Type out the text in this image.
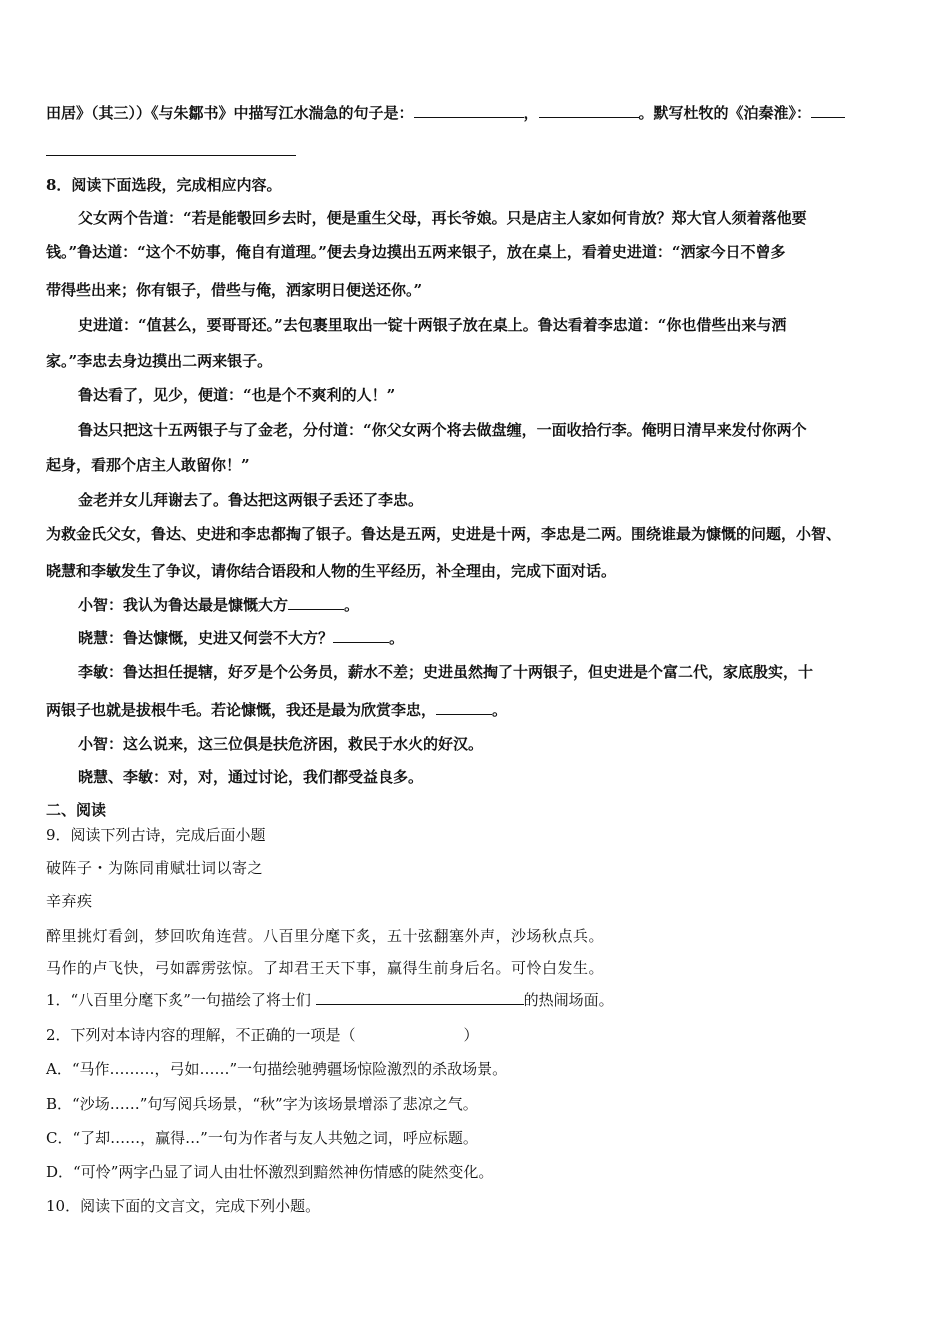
田居》（其三））《与朱鄒书》中描写江水湍急的句子是：	，	。默写杜牧的《泊秦淮》：
8．阅读下面选段，完成相应内容。
父女两个告道：“若是能彀回乡去时，便是重生父母，再长爷娘。只是店主人家如何肯放？郑大官人须着落他要
钱。”鲁达道：“这个不妨事，俺自有道理。”便去身边摸出五两来银子，放在桌上，看着史进道：“洒家今日不曾多
带得些出来；你有银子，借些与俺，洒家明日便送还你。”
史进道：“值甚么，要哥哥还。”去包裹里取出一锭十两银子放在桌上。鲁达看着李忠道：“你也借些出来与洒
家。”李忠去身边摸出二两来银子。
鲁达看了，见少，便道：“也是个不爽利的人！”
鲁达只把这十五两银子与了金老，分付道：“你父女两个将去做盘缠，一面收拾行李。俺明日清早来发付你两个
起身，看那个店主人敢留你！”
金老并女儿拜谢去了。鲁达把这两银子丢还了李忠。
为救金氏父女，鲁达、史进和李忠都掏了银子。鲁达是五两，史进是十两，李忠是二两。围绕谁最为慷慨的问题，小智、
晓慧和李敏发生了争议，请你结合语段和人物的生平经历，补全理由，完成下面对话。
小智：我认为鲁达最是慷慨大方	。
晓慧：鲁达慷慨，史进又何尝不大方？	。
李敏：鲁达担任提辖，好歹是个公务员，薪水不差；史进虽然掏了十两银子，但史进是个富二代，家底殷实，十
两银子也就是拔根牛毛。若论慷慨，我还是最为欣赏李忠，	。
小智：这么说来，这三位俱是扶危济困，救民于水火的好汉。
晓慧、李敏：对，对，通过讨论，我们都受益良多。
二、阅读
9．阅读下列古诗，完成后面小题
破阵子・为陈同甫赋壮词以寄之
辛弃疾
醉里挑灯看剑，梦回吹角连营。八百里分麾下炙，五十弦翻塞外声，沙场秋点兵。
马作的卢飞快，弓如霹雳弦惊。了却君王天下事，赢得生前身后名。可怜白发生。
1．“八百里分麾下炙”一句描绘了将士们	的热闹场面。
2．下列对本诗内容的理解，不正确的一项是（	）
A．“马作………，弓如……”一句描绘驰骋疆场惊险激烈的杀敌场景。
B．“沙场……”句写阅兵场景，“秋”字为该场景增添了悲凉之气。
C．“了却……，赢得…”一句为作者与友人共勉之词，呼应标题。
D．“可怜”两字凸显了词人由壮怀激烈到黯然神伤情感的陡然变化。
10．阅读下面的文言文，完成下列小题。
